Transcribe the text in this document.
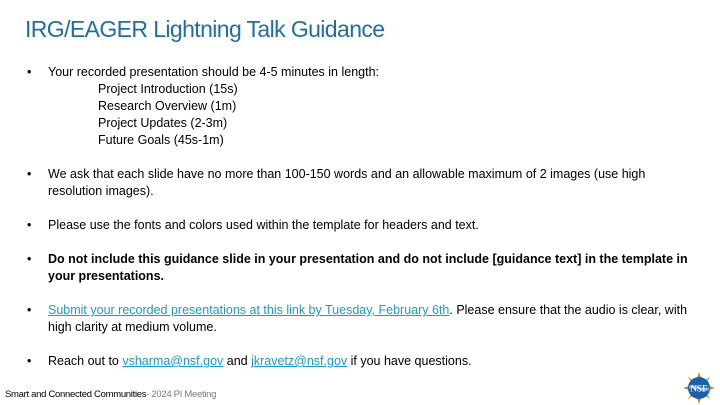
IRG/EAGER Lightning Talk Guidance
• Your recorded presentation should be 4-5 minutes in length:
Project Introduction (15s)
Research Overview (1m)
Project Updates (2-3m)
Future Goals (45s-1m)
• We ask that each slide have no more than 100-150 words and an allowable maximum of 2 images (use high resolution images).
• Please use the fonts and colors used within the template for headers and text.
• Do not include this guidance slide in your presentation and do not include [guidance text] in the template in your presentations.
• Submit your recorded presentations at this link by Tuesday, February 6th. Please ensure that the audio is clear, with high clarity at medium volume.
• Reach out to vsharma@nsf.gov and jkravetz@nsf.gov if you have questions.
Smart and Connected Communities- 2024 PI Meeting
NSF
